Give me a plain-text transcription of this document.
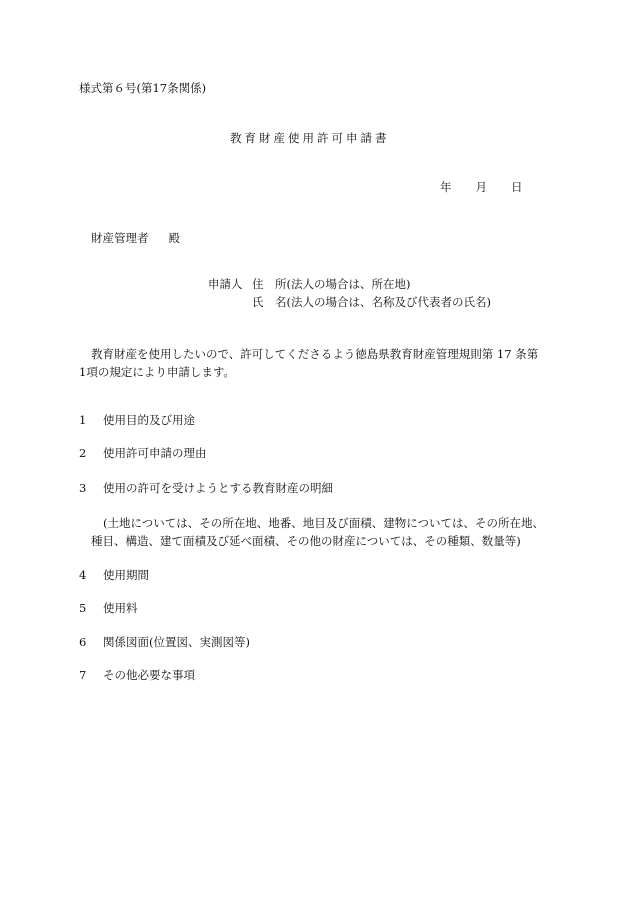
様式第６号(第17条関係)
教育財産使用許可申請書
年 月 日
財産管理者 殿
申請人 住　所(法人の場合は、所在地)
氏　名(法人の場合は、名称及び代表者の氏名)
教育財産を使用したいので、許可してくださるよう徳島県教育財産管理規則第 17 条第
1項の規定により申請します。
1 使用目的及び用途
2 使用許可申請の理由
3 使用の許可を受けようとする教育財産の明細
(土地については、その所在地、地番、地目及び面積、建物については、その所在地、
種目、構造、建て面積及び延べ面積、その他の財産については、その種類、数量等)
4 使用期間
5 使用料
6 関係図面(位置図、実測図等)
7 その他必要な事項
